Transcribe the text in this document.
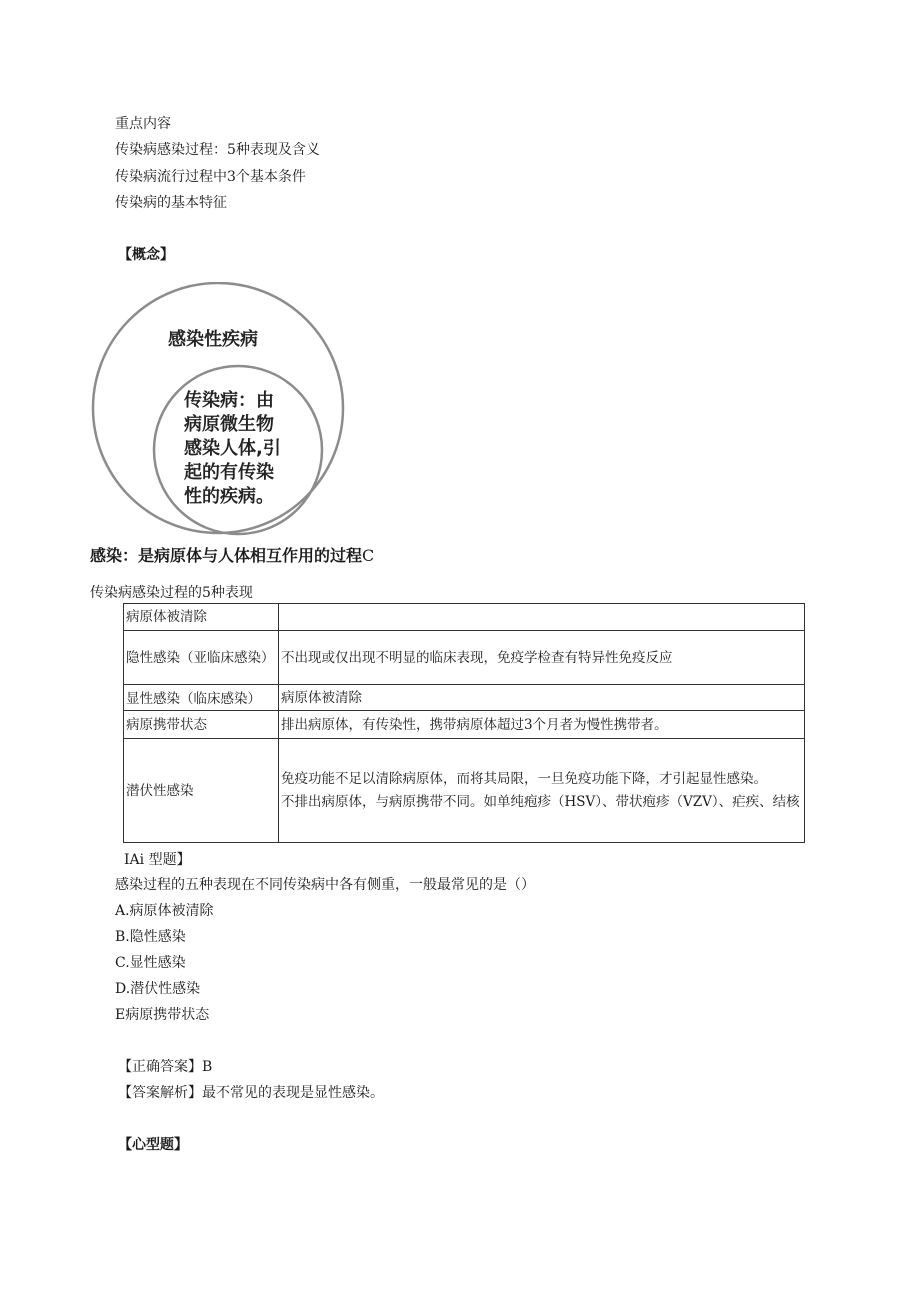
重点内容
传染病感染过程：5种表现及含义
传染病流行过程中3个基本条件
传染病的基本特征
【概念】
感染性疾病
传染病：由
病原微生物
感染人体,引
起的有传染
性的疾病。
感染：是病原体与人体相互作用的过程C
传染病感染过程的5种表现
病原体被清除	
隐性感染（亚临床感染）	不出现或仅出现不明显的临床表现，免疫学检查有特异性免疫反应

显性感染（临床感染）	病原体被清除
病原携带状态	排出病原体，有传染性，携带病原体超过3个月者为慢性携带者。
潜伏性感染	免疫功能不足以清除病原体，而将其局限，一旦免疫功能下降，才引起显性感染。
不排出病原体，与病原携带不同。如单纯疱疹（HSV）、带状疱疹（VZV）、疟疾、结核
IAi 型题】
感染过程的五种表现在不同传染病中各有侧重，一般最常见的是（）
A.病原体被清除
B.隐性感染
C.显性感染
D.潜伏性感染
E病原携带状态
【正确答案】B
【答案解析】最不常见的表现是显性感染。
【心型题】
